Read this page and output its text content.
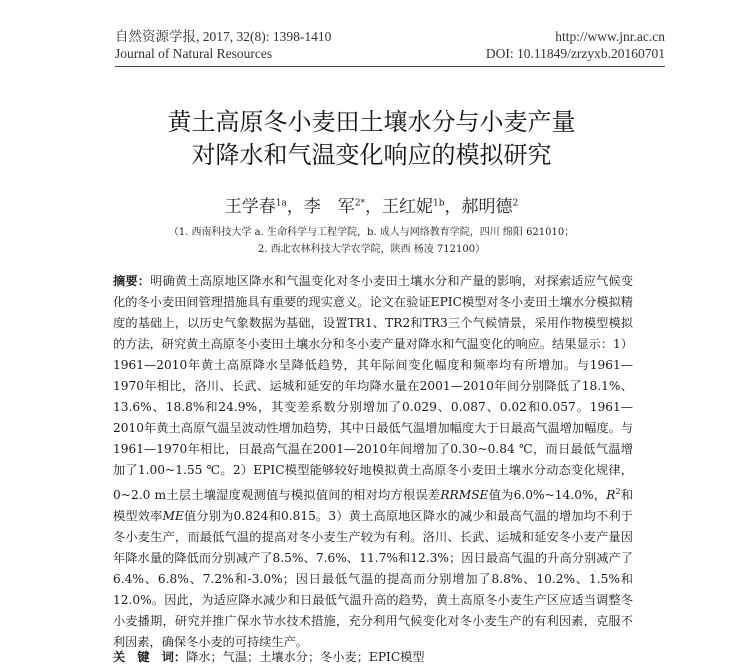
自然资源学报, 2017, 32(8): 1398-1410	http://www.jnr.ac.cn
Journal of Natural Resources	DOI: 10.11849/zrzyxb.20160701
黄土高原冬小麦田土壤水分与小麦产量
对降水和气温变化响应的模拟研究
王学春$^{1a}$，李　军$^{2*}$，王红妮$^{1b}$，郝明德$^2$
（1. 西南科技大学 a. 生命科学与工程学院，b. 成人与网络教育学院，四川 绵阳 621010；
2. 西北农林科技大学农学院，陕西 杨凌 712100）
摘要：明确黄土高原地区降水和气温变化对冬小麦田土壤水分和产量的影响，对探索适应气候变化的冬小麦田间管理措施具有重要的现实意义。论文在验证EPIC模型对冬小麦田土壤水分模拟精度的基础上，以历史气象数据为基础，设置TR1、TR2和TR3三个气候情景，采用作物模型模拟的方法，研究黄土高原冬小麦田土壤水分和冬小麦产量对降水和气温变化的响应。结果显示：1）1961—2010年黄土高原降水呈降低趋势，其年际间变化幅度和频率均有所增加。与1961—1970年相比，洛川、长武、运城和延安的年均降水量在2001—2010年间分别降低了18.1%、13.6%、18.8%和24.9%，其变差系数分别增加了0.029、0.087、0.02和0.057。1961—2010年黄土高原气温呈波动性增加趋势，其中日最低气温增加幅度大于日最高气温增加幅度。与1961—1970年相比，日最高气温在2001—2010年间增加了0.30~0.84 ℃，而日最低气温增加了1.00~1.55 ℃。2）EPIC模型能够较好地模拟黄土高原冬小麦田土壤水分动态变化规律，0~2.0 m土层土壤湿度观测值与模拟值间的相对均方根误差RRMSE值为6.0%~14.0%，$R^2$和模型效率ME值分别为0.824和0.815。3）黄土高原地区降水的减少和最高气温的增加均不利于冬小麦生产，而最低气温的提高对冬小麦生产较为有利。洛川、长武、运城和延安冬小麦产量因年降水量的降低而分别减产了8.5%、7.6%、11.7%和12.3%；因日最高气温的升高分别减产了6.4%、6.8%、7.2%和-3.0%；因日最低气温的提高而分别增加了8.8%、10.2%、1.5%和12.0%。因此，为适应降水减少和日最低气温升高的趋势，黄土高原冬小麦生产区应适当调整冬小麦播期，研究并推广保水节水技术措施，充分利用气候变化对冬小麦生产的有利因素，克服不利因素，确保冬小麦的可持续生产。
关　键　词：降水；气温；土壤水分；冬小麦；EPIC模型
